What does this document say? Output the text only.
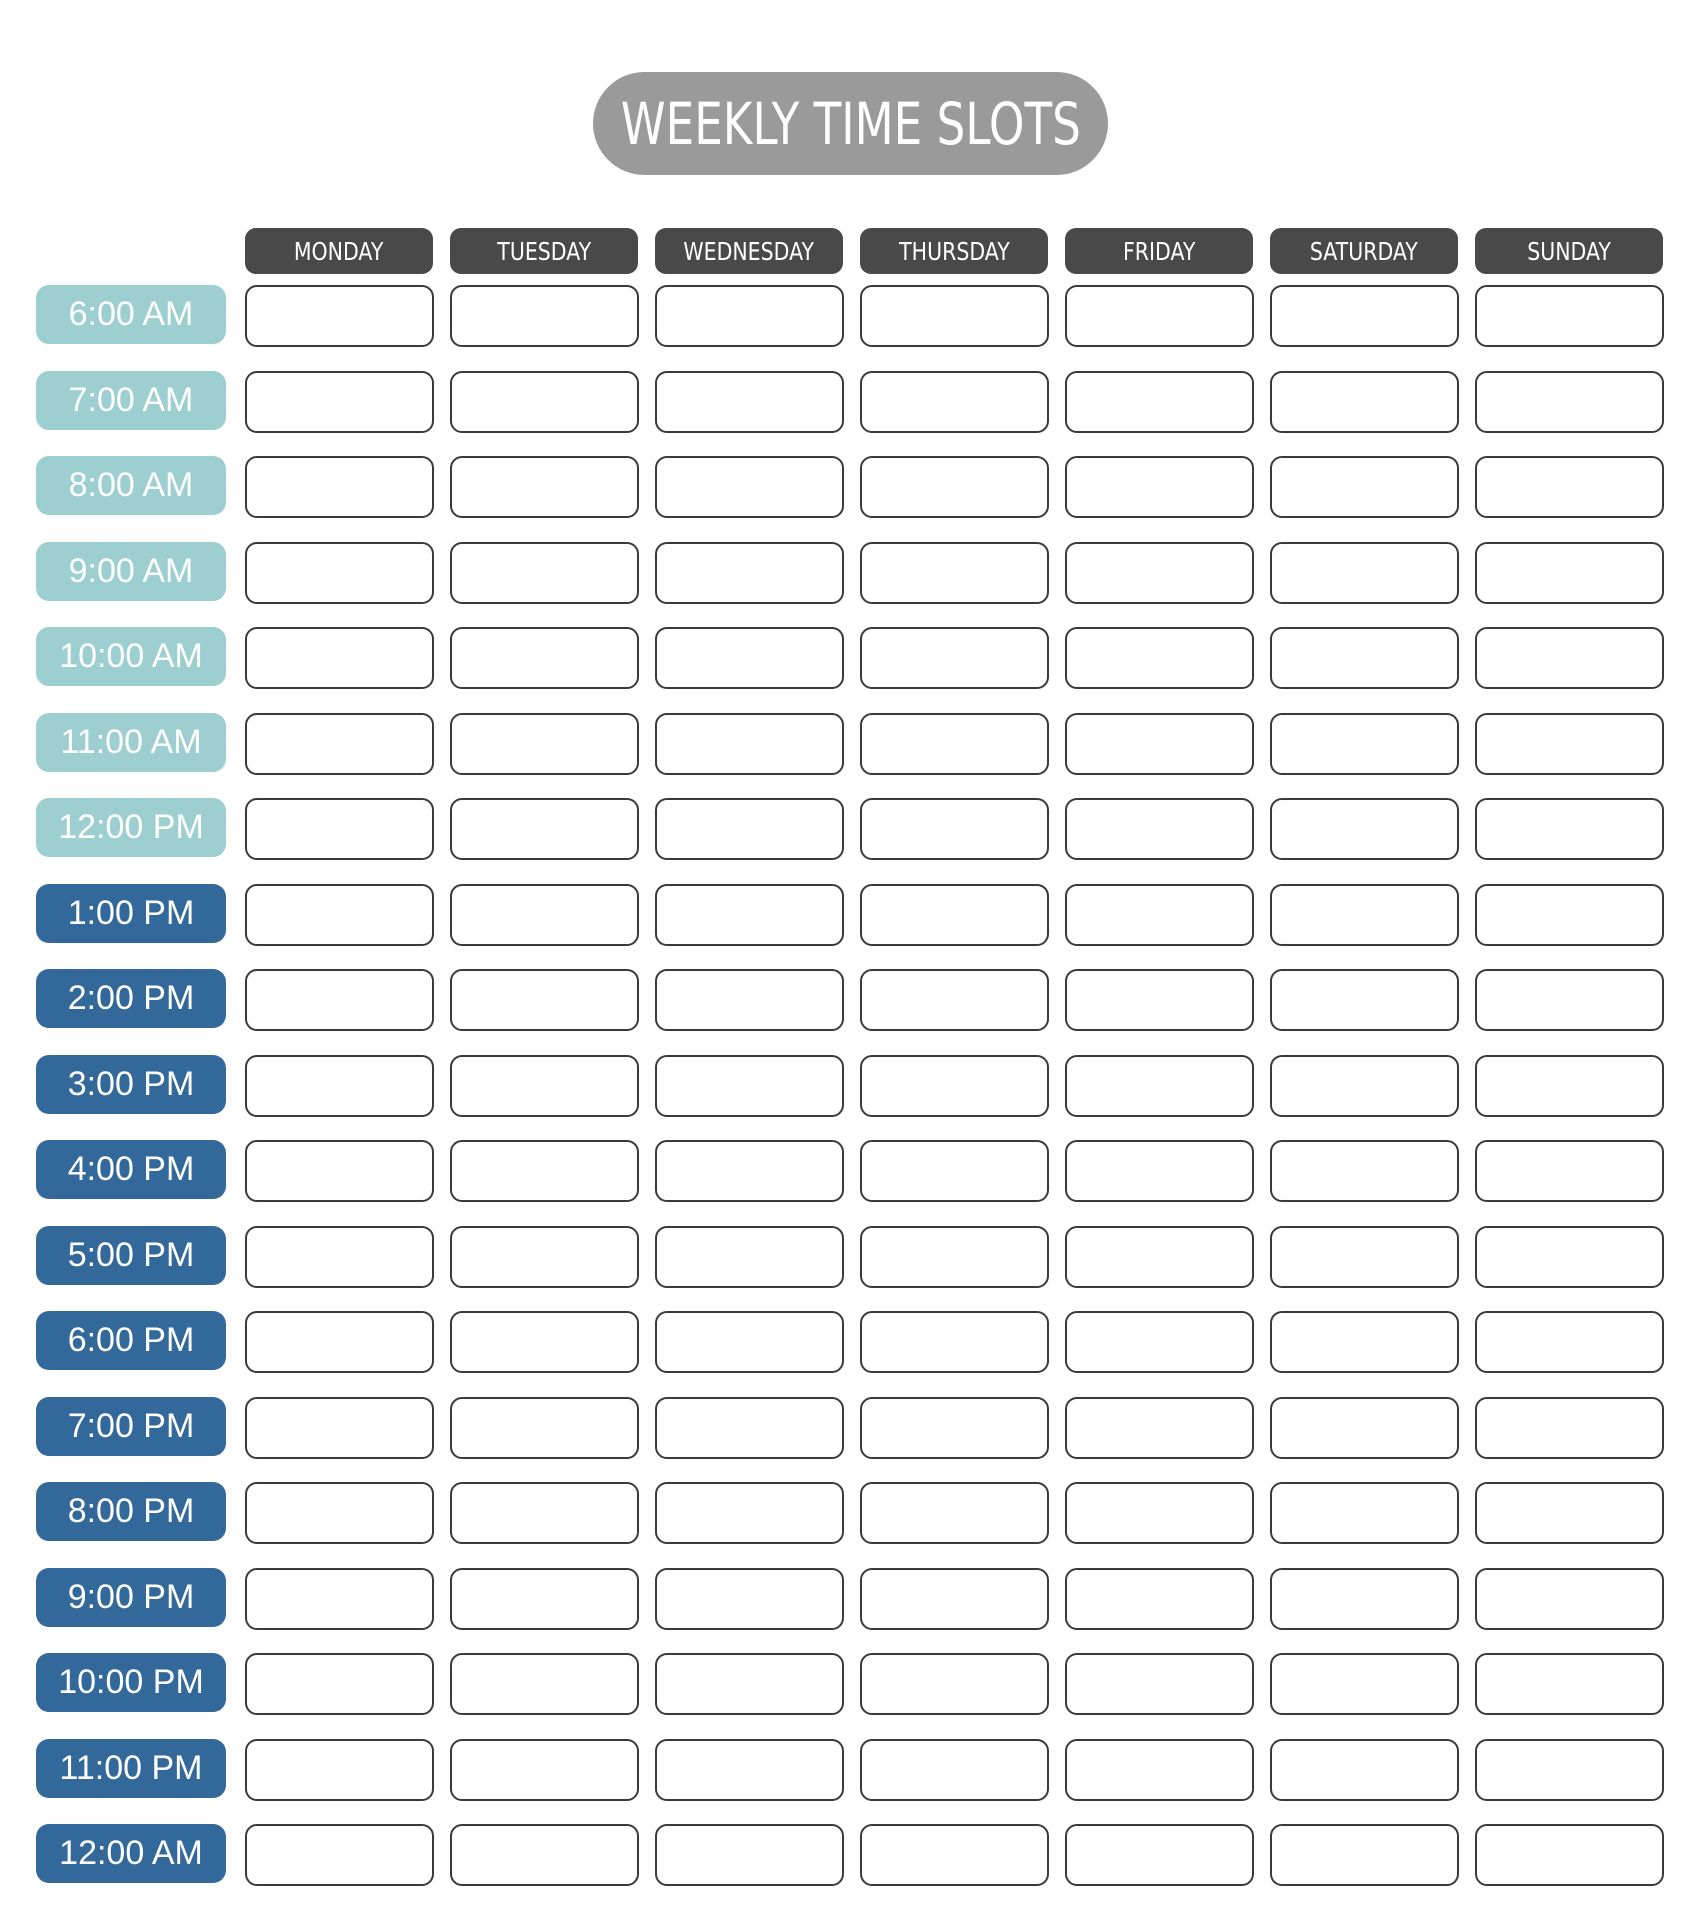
WEEKLY TIME SLOTS
MONDAY	TUESDAY	WEDNESDAY	THURSDAY	FRIDAY	SATURDAY	SUNDAY
6:00 AM
7:00 AM
8:00 AM
9:00 AM
10:00 AM
11:00 AM
12:00 PM
1:00 PM
2:00 PM
3:00 PM
4:00 PM
5:00 PM
6:00 PM
7:00 PM
8:00 PM
9:00 PM
10:00 PM
11:00 PM
12:00 AM
